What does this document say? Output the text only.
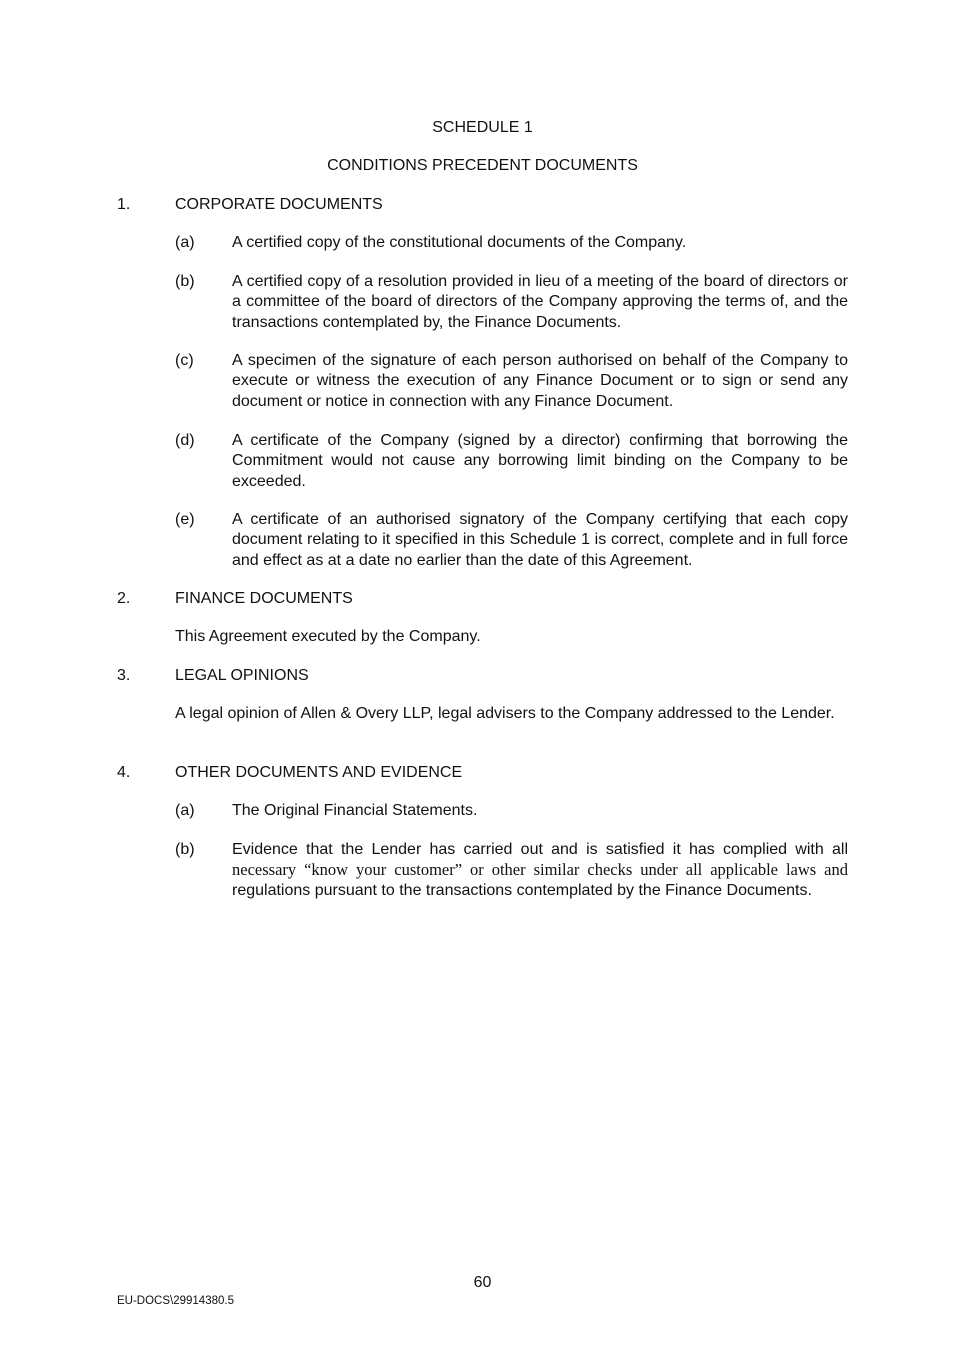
SCHEDULE 1

CONDITIONS PRECEDENT DOCUMENTS

1.	CORPORATE DOCUMENTS

(a) A certified copy of the constitutional documents of the Company.

(b) A certified copy of a resolution provided in lieu of a meeting of the board of directors or a committee of the board of directors of the Company approving the terms of, and the transactions contemplated by, the Finance Documents.

(c) A specimen of the signature of each person authorised on behalf of the Company to execute or witness the execution of any Finance Document or to sign or send any document or notice in connection with any Finance Document.

(d) A certificate of the Company (signed by a director) confirming that borrowing the Commitment would not cause any borrowing limit binding on the Company to be exceeded.

(e) A certificate of an authorised signatory of the Company certifying that each copy document relating to it specified in this Schedule 1 is correct, complete and in full force and effect as at a date no earlier than the date of this Agreement.

2.	FINANCE DOCUMENTS

This Agreement executed by the Company.

3.	LEGAL OPINIONS

A legal opinion of Allen & Overy LLP, legal advisers to the Company addressed to the Lender.

4.	OTHER DOCUMENTS AND EVIDENCE

(a) The Original Financial Statements.

(b) Evidence that the Lender has carried out and is satisfied it has complied with all
necessary “know your customer” or other similar checks under all applicable laws and
regulations pursuant to the transactions contemplated by the Finance Documents.

60

EU-DOCS\29914380.5
